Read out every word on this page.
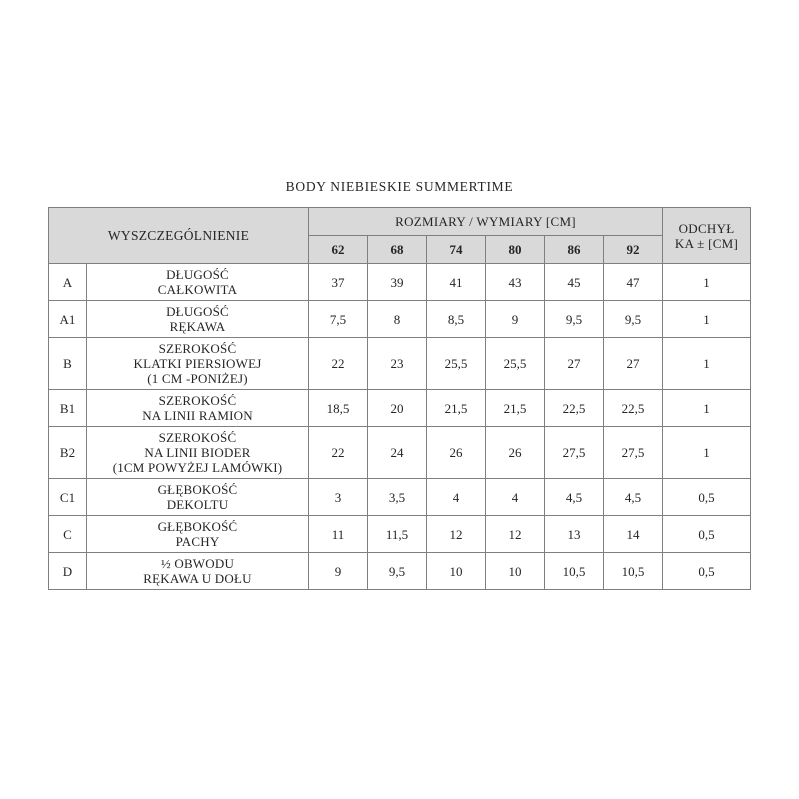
BODY NIEBIESKIE SUMMERTIME
WYSZCZEGÓLNIENIE		ROZMIARY / WYMIARY [CM]						ODCHYŁ
KA ± [CM]

		62	68	74	80	86	92	
A	DŁUGOŚĆ
CAŁKOWITA	37	39	41	43	45	47	1
A1	DŁUGOŚĆ
RĘKAWA	7,5	8	8,5	9	9,5	9,5	1
B	SZEROKOŚĆ
KLATKI PIERSIOWEJ
(1 CM -PONIŻEJ)	22	23	25,5	25,5	27	27	1
B1	SZEROKOŚĆ
NA LINII RAMION	18,5	20	21,5	21,5	22,5	22,5	1
B2	SZEROKOŚĆ
NA LINII BIODER
(1CM POWYŻEJ LAMÓWKI)	22	24	26	26	27,5	27,5	1
C1	GŁĘBOKOŚĆ
DEKOLTU	3	3,5	4	4	4,5	4,5	0,5
C	GŁĘBOKOŚĆ
PACHY	11	11,5	12	12	13	14	0,5
D	½ OBWODU
RĘKAWA U DOŁU	9	9,5	10	10	10,5	10,5	0,5
